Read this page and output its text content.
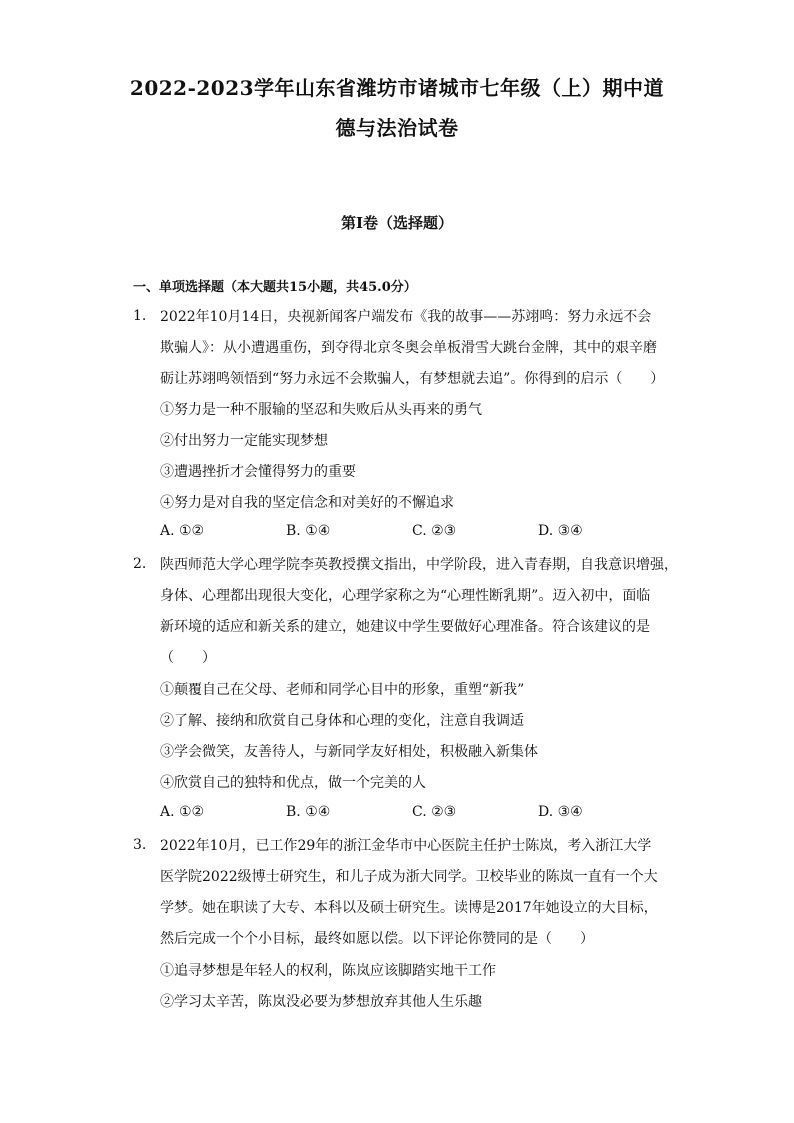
2022-2023学年山东省潍坊市诸城市七年级（上）期中道
德与法治试卷
第I卷（选择题）
一、单项选择题（本大题共15小题，共45.0分）
1. 2022年10月14日，央视新闻客户端发布《我的故事——苏翊鸣：努力永远不会
欺骗人》：从小遭遇重伤，到夺得北京冬奥会单板滑雪大跳台金牌，其中的艰辛磨
砺让苏翊鸣领悟到“努力永远不会欺骗人，有梦想就去追”。你得到的启示（　　）
①努力是一种不服输的坚忍和失败后从头再来的勇气
②付出努力一定能实现梦想
③遭遇挫折才会懂得努力的重要
④努力是对自我的坚定信念和对美好的不懈追求
A. ①②	B. ①④	C. ②③	D. ③④
2. 陕西师范大学心理学院李英教授撰文指出，中学阶段，进入青春期，自我意识增强，
身体、心理都出现很大变化，心理学家称之为“心理性断乳期”。迈入初中，面临
新环境的适应和新关系的建立，她建议中学生要做好心理准备。符合该建议的是
（　　）
①颠覆自己在父母、老师和同学心目中的形象，重塑“新我”
②了解、接纳和欣赏自己身体和心理的变化，注意自我调适
③学会微笑，友善待人，与新同学友好相处，积极融入新集体
④欣赏自己的独特和优点，做一个完美的人
A. ①②	B. ①④	C. ②③	D. ③④
3. 2022年10月，已工作29年的浙江金华市中心医院主任护士陈岚，考入浙江大学
医学院2022级博士研究生，和儿子成为浙大同学。卫校毕业的陈岚一直有一个大
学梦。她在职读了大专、本科以及硕士研究生。读博是2017年她设立的大目标，
然后完成一个个小目标，最终如愿以偿。以下评论你赞同的是（　　）
①追寻梦想是年轻人的权利，陈岚应该脚踏实地干工作
②学习太辛苦，陈岚没必要为梦想放弃其他人生乐趣
